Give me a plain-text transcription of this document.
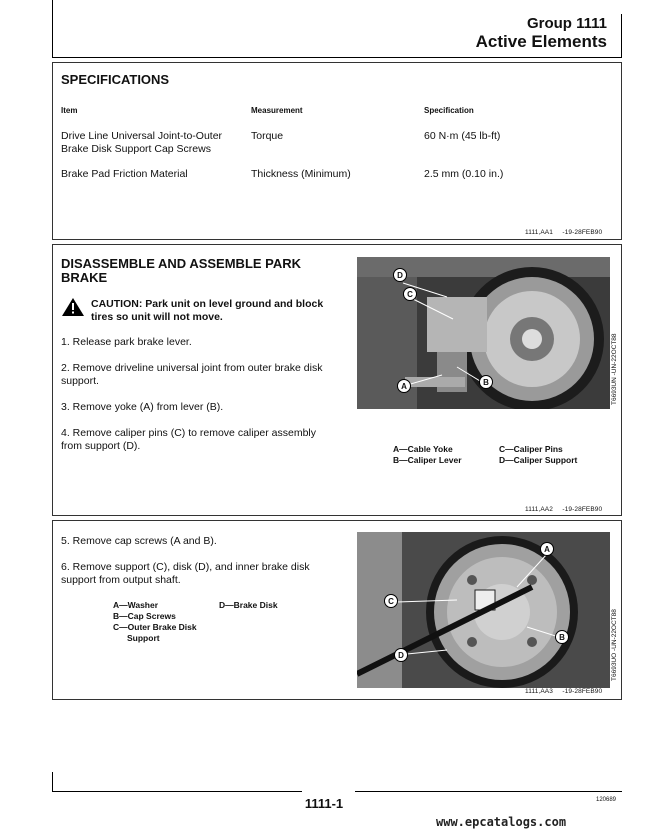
Group 1111
Active Elements
SPECIFICATIONS
Item	Measurement	Specification
Drive Line Universal Joint-to-Outer
Brake Disk Support Cap Screws
Torque	60 N·m (45 lb-ft)
Brake Pad Friction Material	Thickness (Minimum)	2.5 mm (0.10 in.)
1111,AA1     -19-28FEB90
DISASSEMBLE AND ASSEMBLE PARK
BRAKE
CAUTION: Park unit on level ground and block
tires so unit will not move.
1. Release park brake lever.
2. Remove driveline universal joint from outer brake disk
support.
3. Remove yoke (A) from lever (B).
4. Remove caliper pins (C) to remove caliper assembly
from support (D).
D
C
A	B	T6693UN -UN-22OCT88
A—Cable Yoke
B—Caliper Lever
C—Caliper Pins
D—Caliper Support
1111,AA2     -19-28FEB90
5. Remove cap screws (A and B).
6. Remove support (C), disk (D), and inner brake disk
support from output shaft.
A—Washer
B—Cap Screws
C—Outer Brake Disk
Support
D—Brake Disk
A
C
B
D	T6693UO -UN-22OCT88
1111,AA3     -19-28FEB90
1111-1	120689
www.epcatalogs.com
